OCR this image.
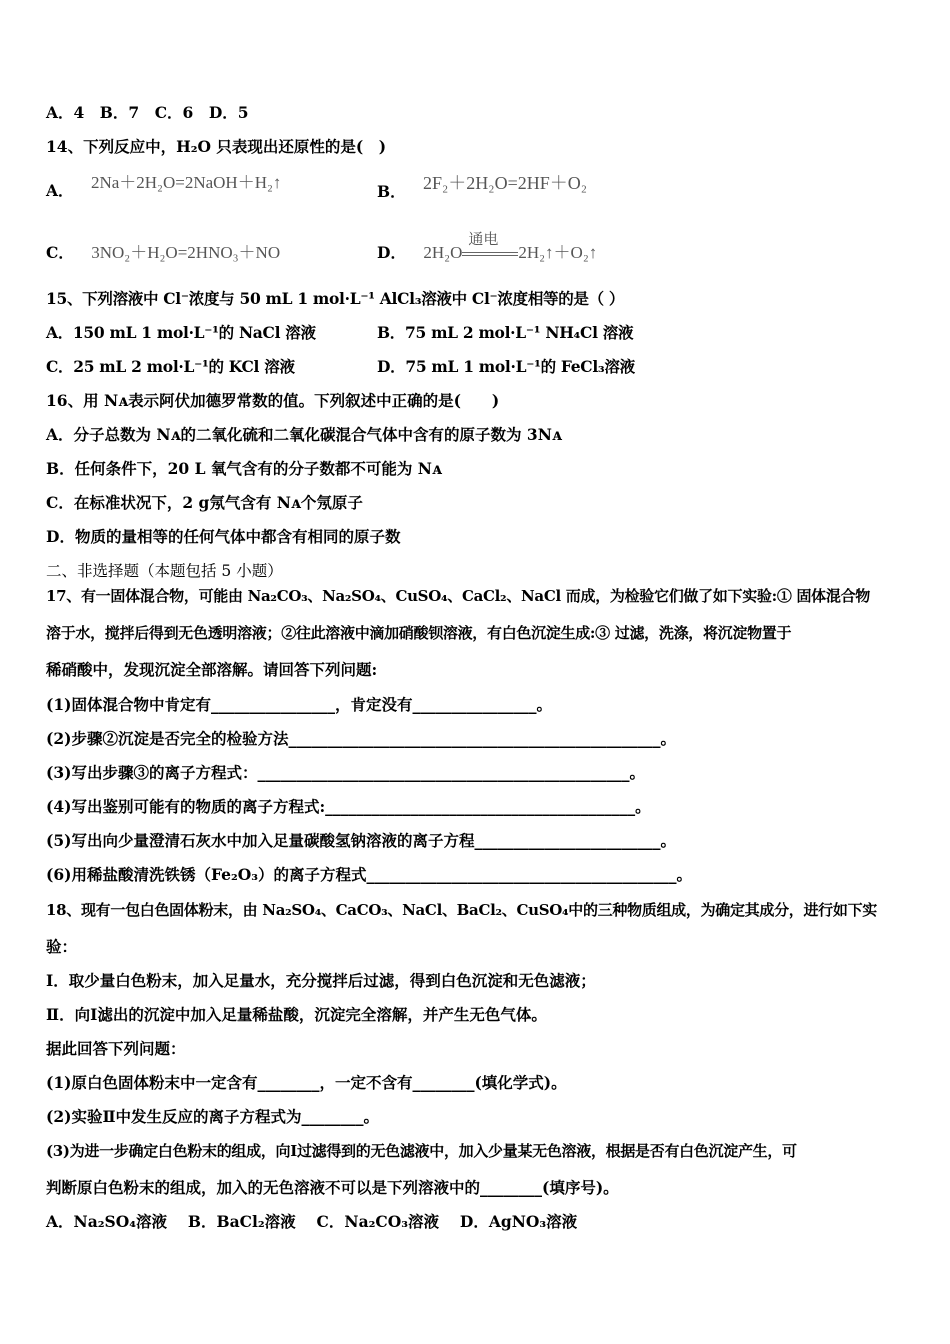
A．4　B．7　C．6　D．5
14、下列反应中，H₂O 只表现出还原性的是(　)
A． 2Na＋2H₂O=2NaOH＋H₂↑	B． 2F₂＋2H₂O=2HF＋O₂
C． 3NO₂＋H₂O=2HNO₃＋NO	D． 2H₂O
通电
2H₂↑＋O₂↑
15、下列溶液中 Cl⁻浓度与 50 mL 1 mol·L⁻¹ AlCl₃溶液中 Cl⁻浓度相等的是（ ）
A．150 mL 1 mol·L⁻¹的 NaCl 溶液	B．75 mL 2 mol·L⁻¹ NH₄Cl 溶液
C．25 mL 2 mol·L⁻¹的 KCl 溶液	D．75 mL 1 mol·L⁻¹的 FeCl₃溶液
16、用 Nᴀ表示阿伏加德罗常数的值。下列叙述中正确的是(　　)
A．分子总数为 Nᴀ的二氧化硫和二氧化碳混合气体中含有的原子数为 3Nᴀ
B．任何条件下，20 L 氧气含有的分子数都不可能为 Nᴀ
C．在标准状况下，2 g氖气含有 Nᴀ个氖原子
D．物质的量相等的任何气体中都含有相同的原子数
二、非选择题（本题包括 5 小题）
17、有一固体混合物，可能由 Na₂CO₃、Na₂SO₄、CuSO₄、CaCl₂、NaCl 而成，为检验它们做了如下实验:① 固体混合物
溶于水，搅拌后得到无色透明溶液；②往此溶液中滴加硝酸钡溶液，有白色沉淀生成:③ 过滤，洗涤，将沉淀物置于
稀硝酸中，发现沉淀全部溶解。请回答下列问题:
(1)固体混合物中肯定有________________，肯定没有________________。
(2)步骤②沉淀是否完全的检验方法________________________________________________。
(3)写出步骤③的离子方程式：________________________________________________。
(4)写出鉴别可能有的物质的离子方程式:________________________________________。
(5)写出向少量澄清石灰水中加入足量碳酸氢钠溶液的离子方程________________________。
(6)用稀盐酸清洗铁锈（Fe₂O₃）的离子方程式________________________________________。
18、现有一包白色固体粉末，由 Na₂SO₄、CaCO₃、NaCl、BaCl₂、CuSO₄中的三种物质组成，为确定其成分，进行如下实
验：
Ⅰ．取少量白色粉末，加入足量水，充分搅拌后过滤，得到白色沉淀和无色滤液；
Ⅱ．向Ⅰ滤出的沉淀中加入足量稀盐酸，沉淀完全溶解，并产生无色气体。
据此回答下列问题：
(1)原白色固体粉末中一定含有________，一定不含有________(填化学式)。
(2)实验Ⅱ中发生反应的离子方程式为________。
(3)为进一步确定白色粉末的组成，向Ⅰ过滤得到的无色滤液中，加入少量某无色溶液，根据是否有白色沉淀产生，可
判断原白色粉末的组成，加入的无色溶液不可以是下列溶液中的________(填序号)。
A．Na₂SO₄溶液　 B．BaCl₂溶液　 C．Na₂CO₃溶液　 D．AgNO₃溶液
